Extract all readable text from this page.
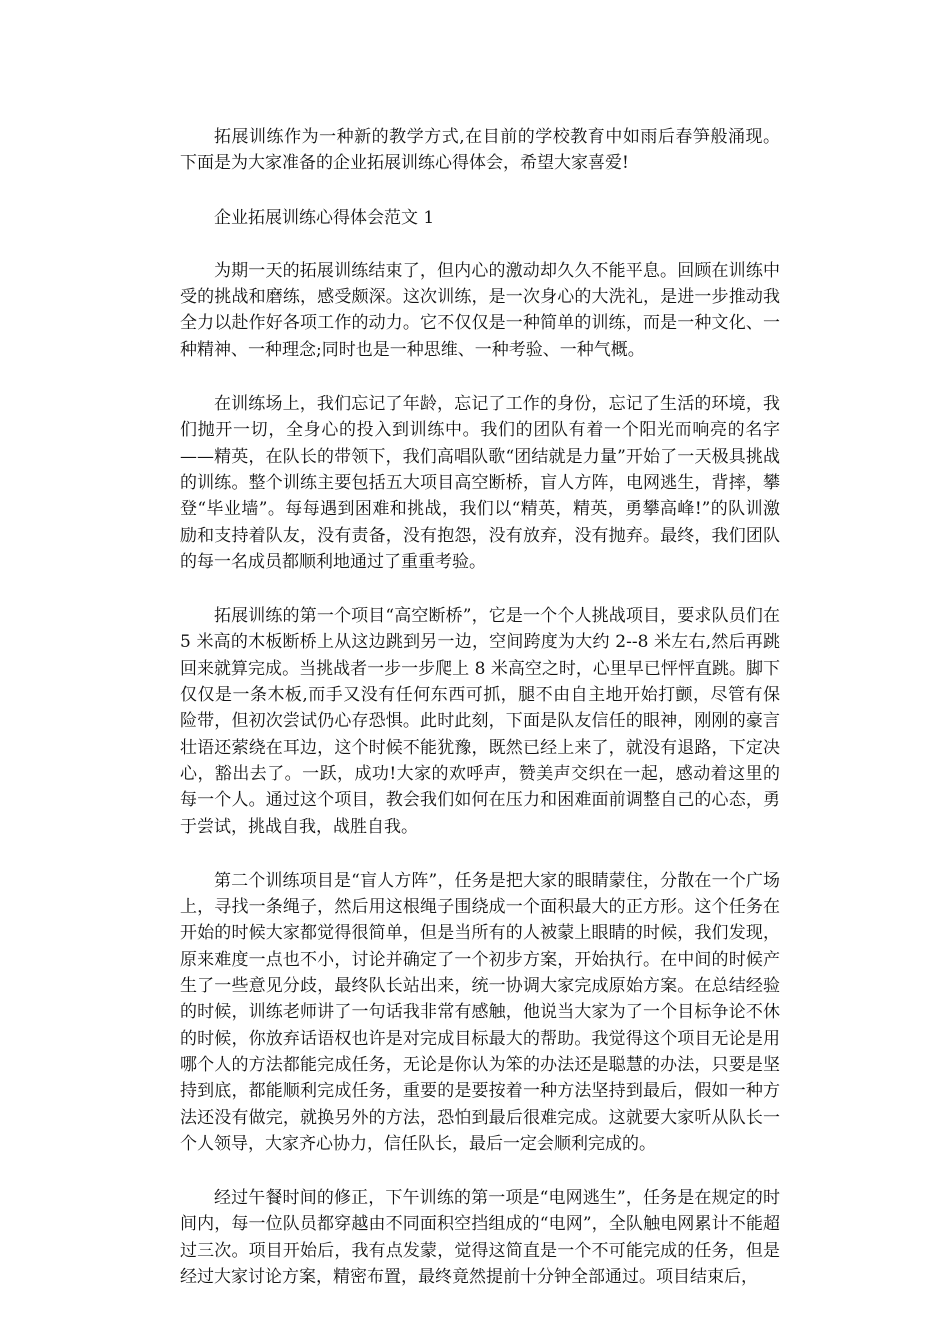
拓展训练作为一种新的教学方式,在目前的学校教育中如雨后春笋般涌现。下面是为大家准备的企业拓展训练心得体会，希望大家喜爱!

企业拓展训练心得体会范文 1

为期一天的拓展训练结束了，但内心的激动却久久不能平息。回顾在训练中受的挑战和磨练，感受颇深。这次训练，是一次身心的大洗礼，是进一步推动我全力以赴作好各项工作的动力。它不仅仅是一种简单的训练，而是一种文化、一种精神、一种理念;同时也是一种思维、一种考验、一种气概。

在训练场上，我们忘记了年龄，忘记了工作的身份，忘记了生活的环境，我们抛开一切，全身心的投入到训练中。我们的团队有着一个阳光而响亮的名字——精英，在队长的带领下，我们高唱队歌“团结就是力量”开始了一天极具挑战的训练。整个训练主要包括五大项目高空断桥，盲人方阵，电网逃生，背摔，攀登“毕业墙”。每每遇到困难和挑战，我们以“精英，精英，勇攀高峰!”的队训激励和支持着队友，没有责备，没有抱怨，没有放弃，没有抛弃。最终，我们团队的每一名成员都顺利地通过了重重考验。

拓展训练的第一个项目“高空断桥”，它是一个个人挑战项目，要求队员们在 5 米高的木板断桥上从这边跳到另一边，空间跨度为大约 2--8 米左右,然后再跳回来就算完成。当挑战者一步一步爬上 8 米高空之时，心里早已怦怦直跳。脚下仅仅是一条木板,而手又没有任何东西可抓，腿不由自主地开始打颤，尽管有保险带，但初次尝试仍心存恐惧。此时此刻，下面是队友信任的眼神，刚刚的豪言壮语还萦绕在耳边，这个时候不能犹豫，既然已经上来了，就没有退路，下定决心，豁出去了。一跃，成功!大家的欢呼声，赞美声交织在一起，感动着这里的每一个人。通过这个项目，教会我们如何在压力和困难面前调整自己的心态，勇于尝试，挑战自我，战胜自我。

第二个训练项目是“盲人方阵”，任务是把大家的眼睛蒙住，分散在一个广场上，寻找一条绳子，然后用这根绳子围绕成一个面积最大的正方形。这个任务在开始的时候大家都觉得很简单，但是当所有的人被蒙上眼睛的时候，我们发现，原来难度一点也不小，讨论并确定了一个初步方案，开始执行。在中间的时候产生了一些意见分歧，最终队长站出来，统一协调大家完成原始方案。在总结经验的时候，训练老师讲了一句话我非常有感触，他说当大家为了一个目标争论不休的时候，你放弃话语权也许是对完成目标最大的帮助。我觉得这个项目无论是用哪个人的方法都能完成任务，无论是你认为笨的办法还是聪慧的办法，只要是坚持到底，都能顺利完成任务，重要的是要按着一种方法坚持到最后，假如一种方法还没有做完，就换另外的方法，恐怕到最后很难完成。这就要大家听从队长一个人领导，大家齐心协力，信任队长，最后一定会顺利完成的。

经过午餐时间的修正，下午训练的第一项是“电网逃生”，任务是在规定的时间内，每一位队员都穿越由不同面积空挡组成的“电网”，全队触电网累计不能超过三次。项目开始后，我有点发蒙，觉得这简直是一个不可能完成的任务，但是经过大家讨论方案，精密布置，最终竟然提前十分钟全部通过。项目结束后，
